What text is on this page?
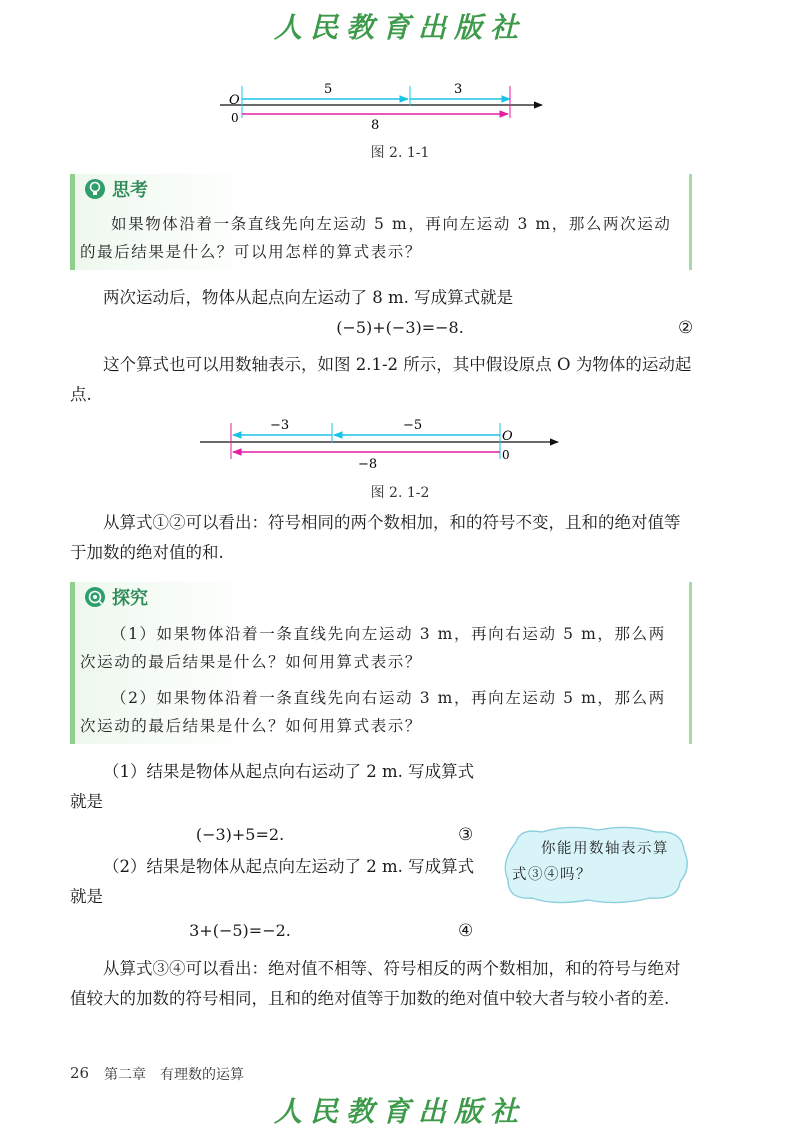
人民教育出版社
O
0
5	3
8
图 2. 1-1
思考
如果物体沿着一条直线先向左运动 5 m，再向左运动 3 m，那么两次运动的最后结果是什么？可以用怎样的算式表示？
两次运动后，物体从起点向左运动了 8 m. 写成算式就是
(−5)+(−3)=−8.	②
这个算式也可以用数轴表示，如图 2.1-2 所示，其中假设原点 O 为物体的运动起点.
O
0
−3	−5
−8
图 2. 1-2
从算式①②可以看出：符号相同的两个数相加，和的符号不变，且和的绝对值等于加数的绝对值的和.
探究
（1）如果物体沿着一条直线先向左运动 3 m，再向右运动 5 m，那么两次运动的最后结果是什么？如何用算式表示？
（2）如果物体沿着一条直线先向右运动 3 m，再向左运动 5 m，那么两次运动的最后结果是什么？如何用算式表示？
（1）结果是物体从起点向右运动了 2 m. 写成算式就是
(−3)+5=2.	③
（2）结果是物体从起点向左运动了 2 m. 写成算式就是
3+(−5)=−2.	④
你能用数轴表示算式③④吗？
从算式③④可以看出：绝对值不相等、符号相反的两个数相加，和的符号与绝对值较大的加数的符号相同，且和的绝对值等于加数的绝对值中较大者与较小者的差.
26 第二章　有理数的运算
人民教育出版社
